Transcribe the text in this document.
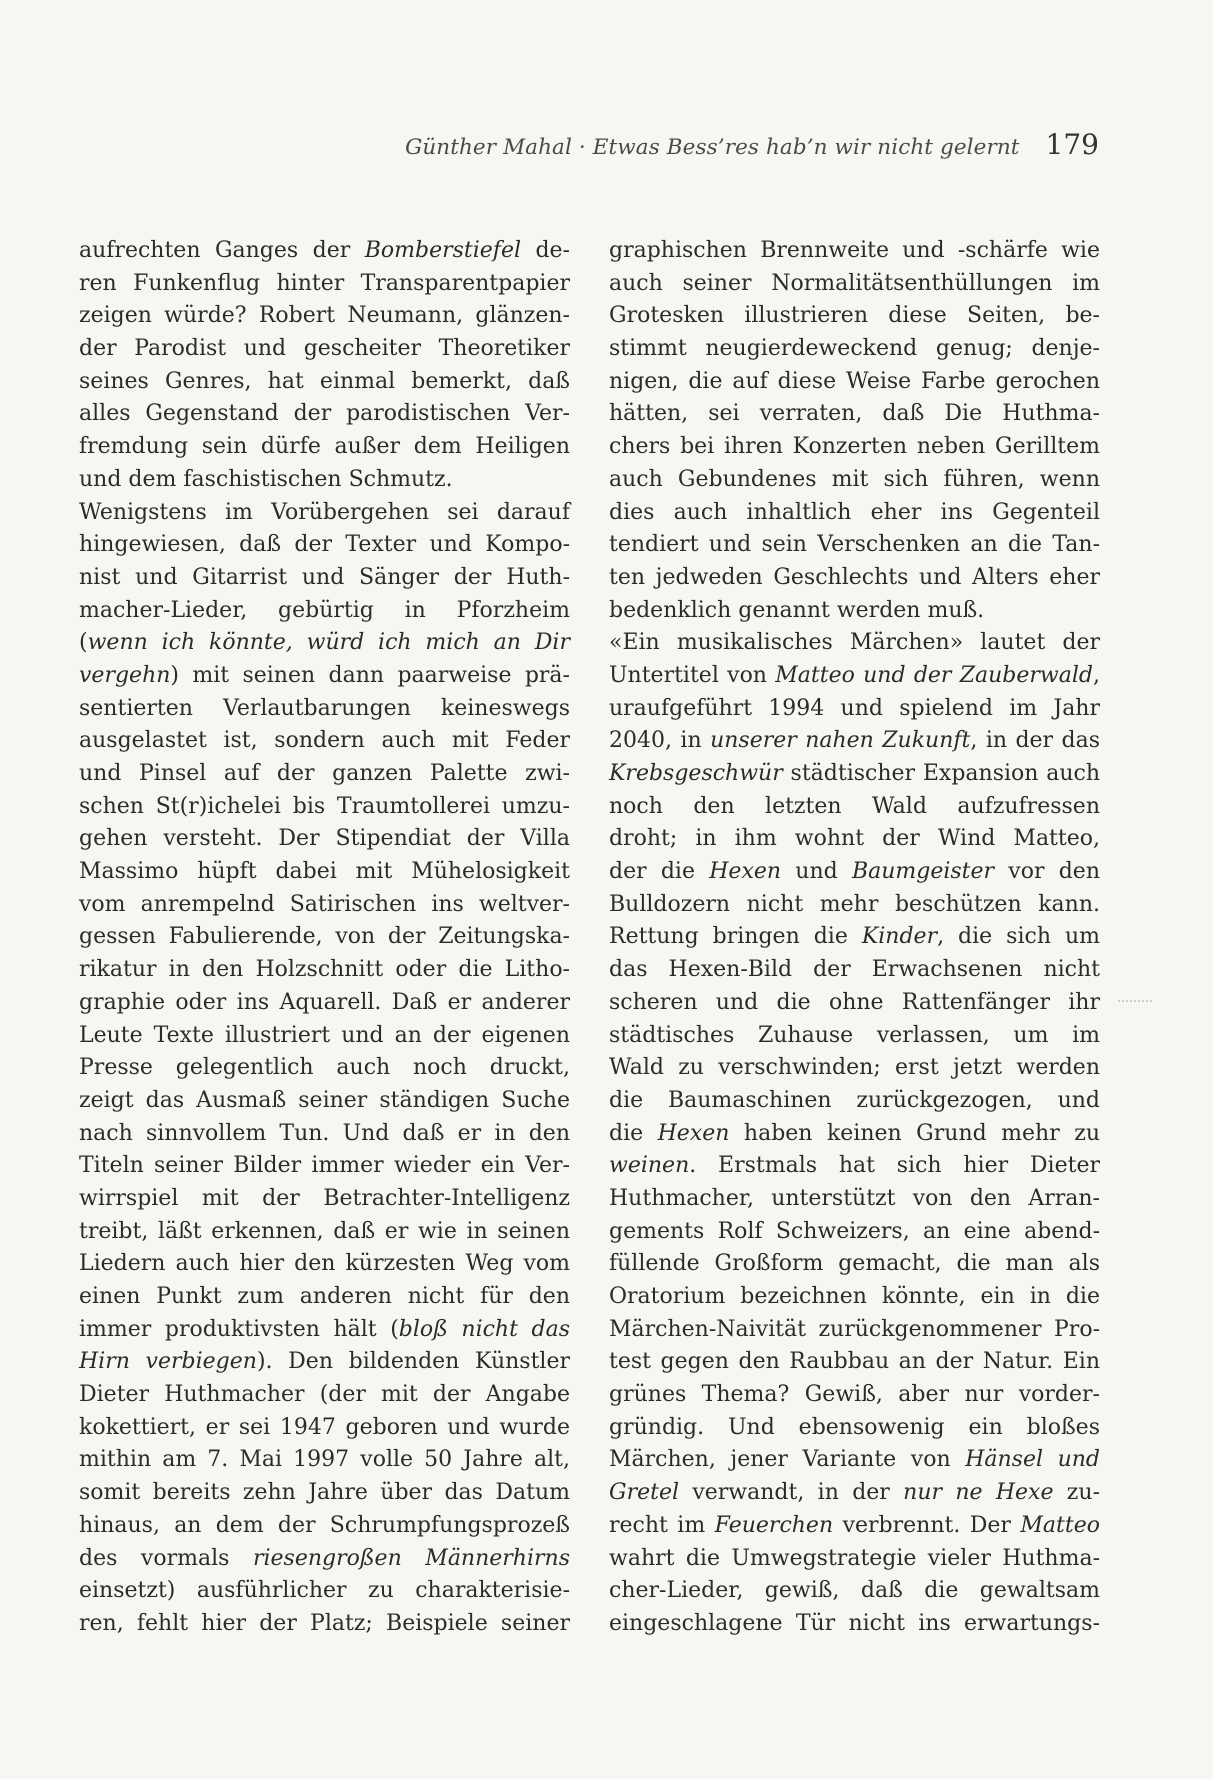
Günther Mahal · Etwas Bess’res hab’n wir nicht gelernt 179
aufrechten Ganges der Bomberstiefel de-
ren Funkenflug hinter Transparentpapier
zeigen würde? Robert Neumann, glänzen-
der Parodist und gescheiter Theoretiker
seines Genres, hat einmal bemerkt, daß
alles Gegenstand der parodistischen Ver-
fremdung sein dürfe außer dem Heiligen
und dem faschistischen Schmutz.
Wenigstens im Vorübergehen sei darauf
hingewiesen, daß der Texter und Kompo-
nist und Gitarrist und Sänger der Huth-
macher-Lieder, gebürtig in Pforzheim
(wenn ich könnte, würd ich mich an Dir
vergehn) mit seinen dann paarweise prä-
sentierten Verlautbarungen keineswegs
ausgelastet ist, sondern auch mit Feder
und Pinsel auf der ganzen Palette zwi-
schen St(r)ichelei bis Traumtollerei umzu-
gehen versteht. Der Stipendiat der Villa
Massimo hüpft dabei mit Mühelosigkeit
vom anrempelnd Satirischen ins weltver-
gessen Fabulierende, von der Zeitungska-
rikatur in den Holzschnitt oder die Litho-
graphie oder ins Aquarell. Daß er anderer
Leute Texte illustriert und an der eigenen
Presse gelegentlich auch noch druckt,
zeigt das Ausmaß seiner ständigen Suche
nach sinnvollem Tun. Und daß er in den
Titeln seiner Bilder immer wieder ein Ver-
wirrspiel mit der Betrachter-Intelligenz
treibt, läßt erkennen, daß er wie in seinen
Liedern auch hier den kürzesten Weg vom
einen Punkt zum anderen nicht für den
immer produktivsten hält (bloß nicht das
Hirn verbiegen). Den bildenden Künstler
Dieter Huthmacher (der mit der Angabe
kokettiert, er sei 1947 geboren und wurde
mithin am 7. Mai 1997 volle 50 Jahre alt,
somit bereits zehn Jahre über das Datum
hinaus, an dem der Schrumpfungsprozeß
des vormals riesengroßen Männerhirns
einsetzt) ausführlicher zu charakterisie-
ren, fehlt hier der Platz; Beispiele seiner
graphischen Brennweite und -schärfe wie
auch seiner Normalitätsenthüllungen im
Grotesken illustrieren diese Seiten, be-
stimmt neugierdeweckend genug; denje-
nigen, die auf diese Weise Farbe gerochen
hätten, sei verraten, daß Die Huthma-
chers bei ihren Konzerten neben Gerilltem
auch Gebundenes mit sich führen, wenn
dies auch inhaltlich eher ins Gegenteil
tendiert und sein Verschenken an die Tan-
ten jedweden Geschlechts und Alters eher
bedenklich genannt werden muß.
«Ein musikalisches Märchen» lautet der
Untertitel von Matteo und der Zauberwald,
uraufgeführt 1994 und spielend im Jahr
2040, in unserer nahen Zukunft, in der das
Krebsgeschwür städtischer Expansion auch
noch den letzten Wald aufzufressen
droht; in ihm wohnt der Wind Matteo,
der die Hexen und Baumgeister vor den
Bulldozern nicht mehr beschützen kann.
Rettung bringen die Kinder, die sich um
das Hexen-Bild der Erwachsenen nicht
scheren und die ohne Rattenfänger ihr
städtisches Zuhause verlassen, um im
Wald zu verschwinden; erst jetzt werden
die Baumaschinen zurückgezogen, und
die Hexen haben keinen Grund mehr zu
weinen. Erstmals hat sich hier Dieter
Huthmacher, unterstützt von den Arran-
gements Rolf Schweizers, an eine abend-
füllende Großform gemacht, die man als
Oratorium bezeichnen könnte, ein in die
Märchen-Naivität zurückgenommener Pro-
test gegen den Raubbau an der Natur. Ein
grünes Thema? Gewiß, aber nur vorder-
gründig. Und ebensowenig ein bloßes
Märchen, jener Variante von Hänsel und
Gretel verwandt, in der nur ne Hexe zu-
recht im Feuerchen verbrennt. Der Matteo
wahrt die Umwegstrategie vieler Huthma-
cher-Lieder, gewiß, daß die gewaltsam
eingeschlagene Tür nicht ins erwartungs-
